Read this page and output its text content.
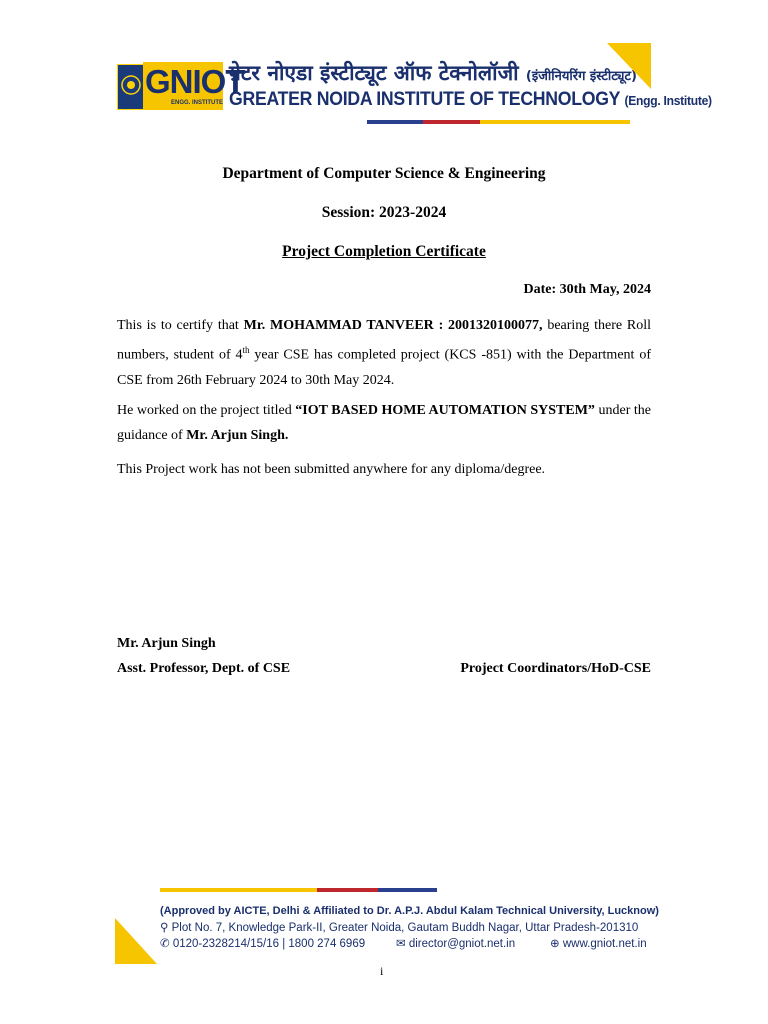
GNIOT
ENGG. INSTITUTE
ग्रेटर नोएडा इंस्टीट्यूट ऑफ टेक्नोलॉजी (इंजीनियरिंग इंस्टीट्यूट)
GREATER NOIDA INSTITUTE OF TECHNOLOGY (Engg. Institute)
Department of Computer Science & Engineering
Session: 2023-2024
Project Completion Certificate
Date: 30th May, 2024
This is to certify that Mr. MOHAMMAD TANVEER : 2001320100077, bearing there Roll numbers, student of 4th year CSE has completed project (KCS -851) with the Department of CSE from 26th February 2024 to 30th May 2024.
He worked on the project titled “IOT BASED HOME AUTOMATION SYSTEM” under the guidance of Mr. Arjun Singh.
This Project work has not been submitted anywhere for any diploma/degree.
Mr. Arjun Singh
Asst. Professor, Dept. of CSE	Project Coordinators/HoD-CSE
(Approved by AICTE, Delhi & Affiliated to Dr. A.P.J. Abdul Kalam Technical University, Lucknow)
⚲ Plot No. 7, Knowledge Park-II, Greater Noida, Gautam Buddh Nagar, Uttar Pradesh-201310
✆ 0120-2328214/15/16 | 1800 274 6969	✉ director@gniot.net.in	⊕ www.gniot.net.in
i
